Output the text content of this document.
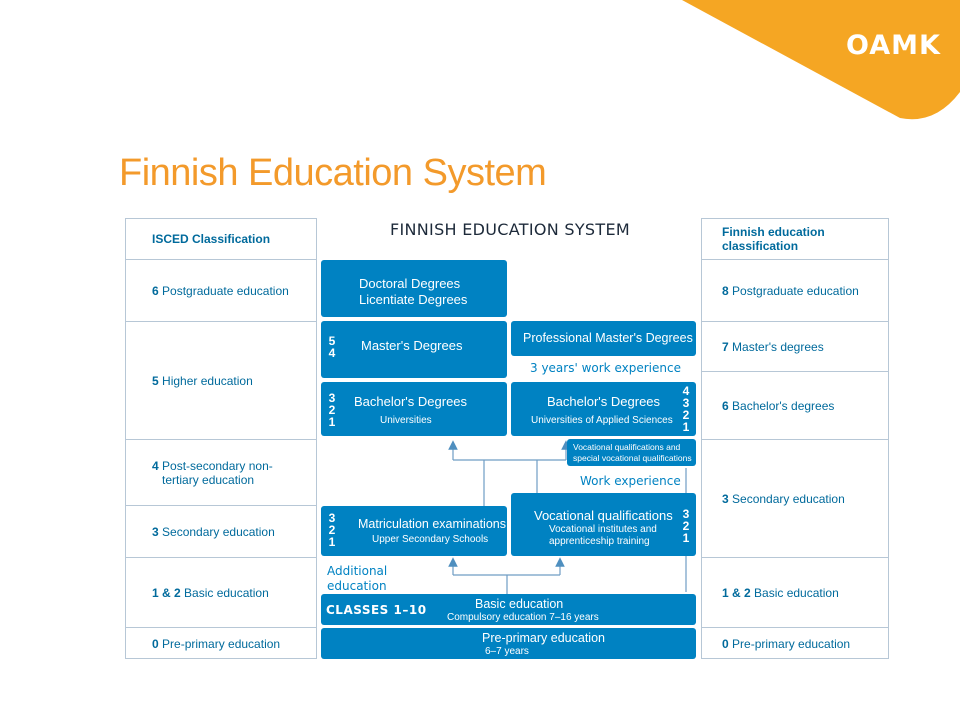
OAMK
Finnish Education System
FINNISH EDUCATION SYSTEM
ISCED Classification
6 Postgraduate education
5 Higher education
4 Post-secondary non-
tertiary education
3 Secondary education
1 & 2 Basic education
0 Pre-primary education
Finnish education
classification
8 Postgraduate education
7 Master's degrees
6 Bachelor's degrees
3 Secondary education
1 & 2 Basic education
0 Pre-primary education
Doctoral Degrees
Licentiate Degrees
5
4 Master's Degrees	Professional Master's Degrees
3 years' work experience
3
2
1
Bachelor's Degrees
Universities
Bachelor's Degrees
Universities of Applied Sciences
4
3
2
1
Vocational qualifications and
special vocational qualifications
Work experience
3
2
1
Matriculation examinations
Upper Secondary Schools
Vocational qualifications
Vocational institutes and
apprenticeship training
3
2
1
Additional
education
CLASSES 1–10	Basic education
Compulsory education 7–16 years
Pre-primary education
6–7 years
